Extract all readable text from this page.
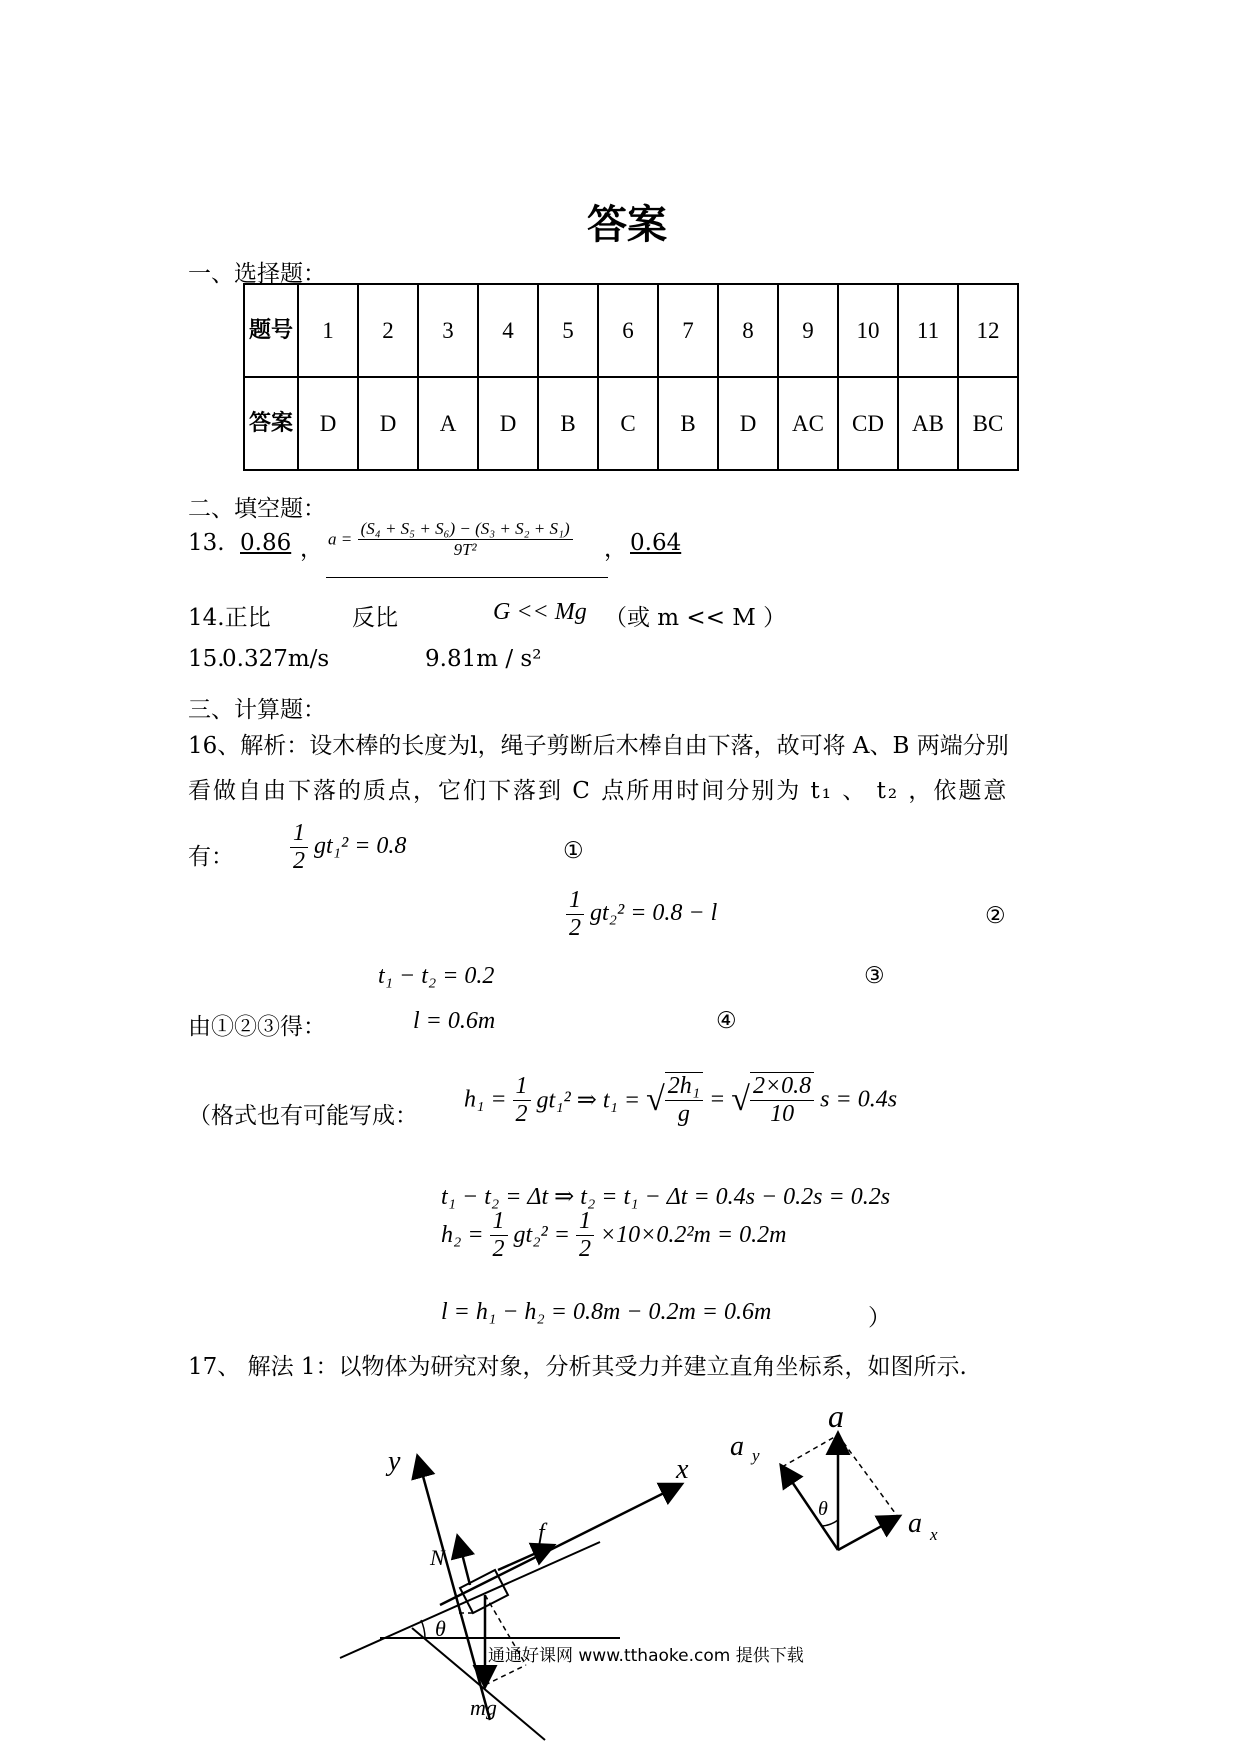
答案
一、选择题：
题号	1	2	3	4	5	6	7	8	9	10	11	12
答案	D	D	A	D	B	C	B	D	AC	CD	AB	BC
二、填空题：
13. 0.86 ， $a = \frac{\text{(S₄ + S₅ + S₆) − (S₃ + S₂ + S₁)}}{\text{9T²}}$ ， 0.64
14.正比	反比	G << Mg （或 m << M ）
15.
0.327m/s	9.81m / s²
三、计算题：
16、解析：设木棒的长度为l，绳子剪断后木棒自由下落，故可将 A、B 两端分别
看做自由下落的质点，它们下落到 C 点所用时间分别为 t₁ 、 t₂ ，依题意
有： $\frac{1}{2} gt_1^2 = 0.8$	①
$\frac{1}{2} gt_2^2 = 0.8 - l$	②
t₁ − t₂ = 0.2	③
由①②③得：	l = 0.6m	④
（格式也有可能写成：
$h_1 = \frac{1}{2} gt_1^2$ ⇒ t₁ = √ $\frac{\text{2h₁}}{g}$ = √ $\frac{2\times 0.8}{10}$ s = 0.4s
t₁ − t₂ = Δt ⇒ t₂ = t₁ − Δt = 0.4s − 0.2s = 0.2s
$h_2 = \frac{1}{2} gt_2^2 = \frac{1}{2} \times 10\times 0.2^2m = 0.2m$
l = h₁ − h₂ = 0.8m − 0.2m = 0.6m	）
17、 解法 1：以物体为研究对象，分析其受力并建立直角坐标系，如图所示.
y	x
N
f
θ
mg
a
a y
a x
θ
通通好课网 www.tthaoke.com 提供下载
